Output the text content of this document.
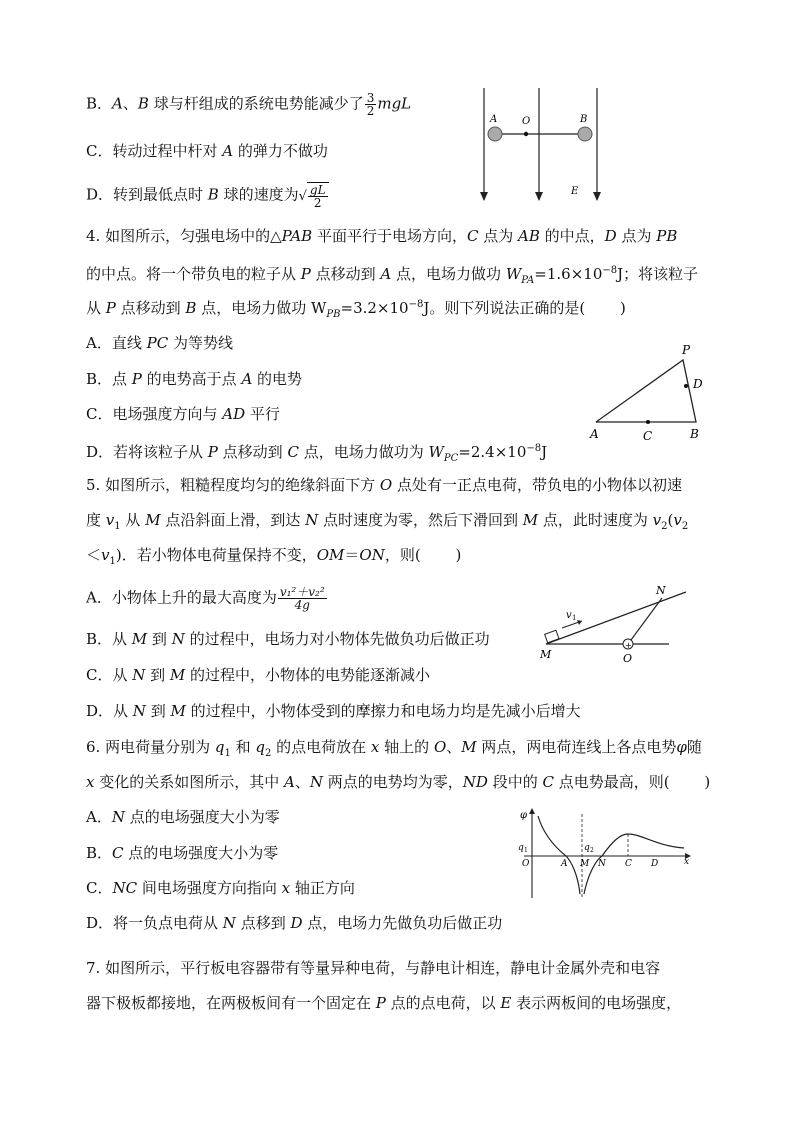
B．A、B 球与杆组成的系统电势能减少了 $\frac{3}{2}$ mgL
C．转动过程中杆对 A 的弹力不做功
D．转到最低点时 B 球的速度为√ $\frac{gL}{2}$
A O	B
E
4. 如图所示，匀强电场中的△PAB 平面平行于电场方向，C 点为 AB 的中点，D 点为 PB
的中点。将一个带负电的粒子从 P 点移动到 A 点，电场力做功 $W_{PA}=1.6\times 10^{-8}J$；将该粒子
从 P 点移动到 B 点，电场力做功 $W_{PB}=3.2\times 10^{-8}J$。则下列说法正确的是(　　 )
A．直线 PC 为等势线
B．点 P 的电势高于点 A 的电势
C．电场强度方向与 AD 平行
D．若将该粒子从 P 点移动到 C 点，电场力做功为 $W_{PC}=2.4\times 10^{-8}J$
P
D
A	C	B
5. 如图所示，粗糙程度均匀的绝缘斜面下方 O 点处有一正点电荷，带负电的小物体以初速
度 $v_1$ 从 M 点沿斜面上滑，到达 N 点时速度为零，然后下滑回到 M 点，此时速度为 $v_2(v_2$
$<v_1$)．若小物体电荷量保持不变，OM＝ON，则(　　 )
A．小物体上升的最大高度为 $\frac{\text{v₁²＋v₂²}}{4g}$
B．从 M 到 N 的过程中，电场力对小物体先做负功后做正功
C．从 N 到 M 的过程中，小物体的电势能逐渐减小
D．从 N 到 M 的过程中，小物体受到的摩擦力和电场力均是先减小后增大
+
N
v 1
M	O
6. 两电荷量分别为 $q_1$ 和 $q_2$ 的点电荷放在 x 轴上的 O、M 两点，两电荷连线上各点电势φ随
x 变化的关系如图所示，其中 A、N 两点的电势均为零，ND 段中的 C 点电势最高，则(　　 )
A．N 点的电场强度大小为零
B．C 点的电场强度大小为零
C．NC 间电场强度方向指向 x 轴正方向
D．将一负点电荷从 N 点移到 D 点，电场力先做负功后做正功
φ
q 1	q 2
O	A M N C D	x
7. 如图所示，平行板电容器带有等量异种电荷，与静电计相连，静电计金属外壳和电容
器下极板都接地，在两极板间有一个固定在 P 点的点电荷，以 E 表示两板间的电场强度，
